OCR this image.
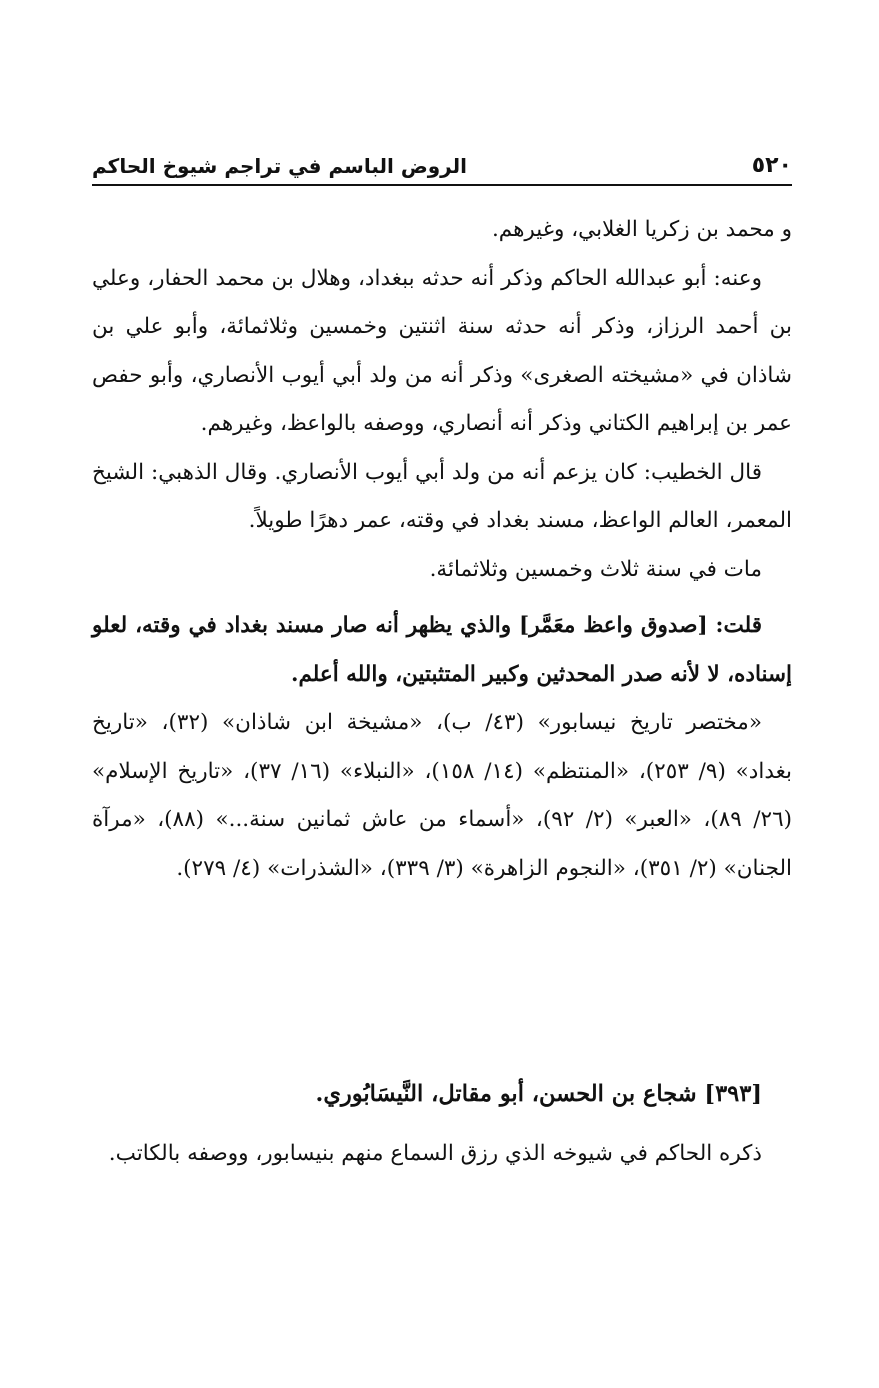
٥٢٠
الروض الباسم في تراجم شيوخ الحاكم

و محمد بن زكريا الغلابي، وغيرهم.

وعنه: أبو عبدالله الحاكم وذكر أنه حدثه ببغداد، وهلال بن محمد الحفار، وعلي بن أحمد الرزاز، وذكر أنه حدثه سنة اثنتين وخمسين وثلاثمائة، وأبو علي بن شاذان في «مشيخته الصغرى» وذكر أنه من ولد أبي أيوب الأنصاري، وأبو حفص عمر بن إبراهيم الكتاني وذكر أنه أنصاري، ووصفه بالواعظ، وغيرهم.

قال الخطيب: كان يزعم أنه من ولد أبي أيوب الأنصاري. وقال الذهبي: الشيخ المعمر، العالم الواعظ، مسند بغداد في وقته، عمر دهرًا طويلاً.

مات في سنة ثلاث وخمسين وثلاثمائة.

قلت: [صدوق واعظ معَمَّر] والذي يظهر أنه صار مسند بغداد في وقته، لعلو إسناده، لا لأنه صدر المحدثين وكبير المتثبتين، والله أعلم.

«مختصر تاريخ نيسابور» (٤٣/ ب)، «مشيخة ابن شاذان» (٣٢)، «تاريخ بغداد» (٩/ ٢٥٣)، «المنتظم» (١٤/ ١٥٨)، «النبلاء» (١٦/ ٣٧)، «تاريخ الإسلام» (٢٦/ ٨٩)، «العبر» (٢/ ٩٢)، «أسماء من عاش ثمانين سنة...» (٨٨)، «مرآة الجنان» (٢/ ٣٥١)، «النجوم الزاهرة» (٣/ ٣٣٩)، «الشذرات» (٤/ ٢٧٩).

[٣٩٣] شجاع بن الحسن، أبو مقاتل، النَّيسَابُوري.
ذكره الحاكم في شيوخه الذي رزق السماع منهم بنيسابور، ووصفه بالكاتب.
